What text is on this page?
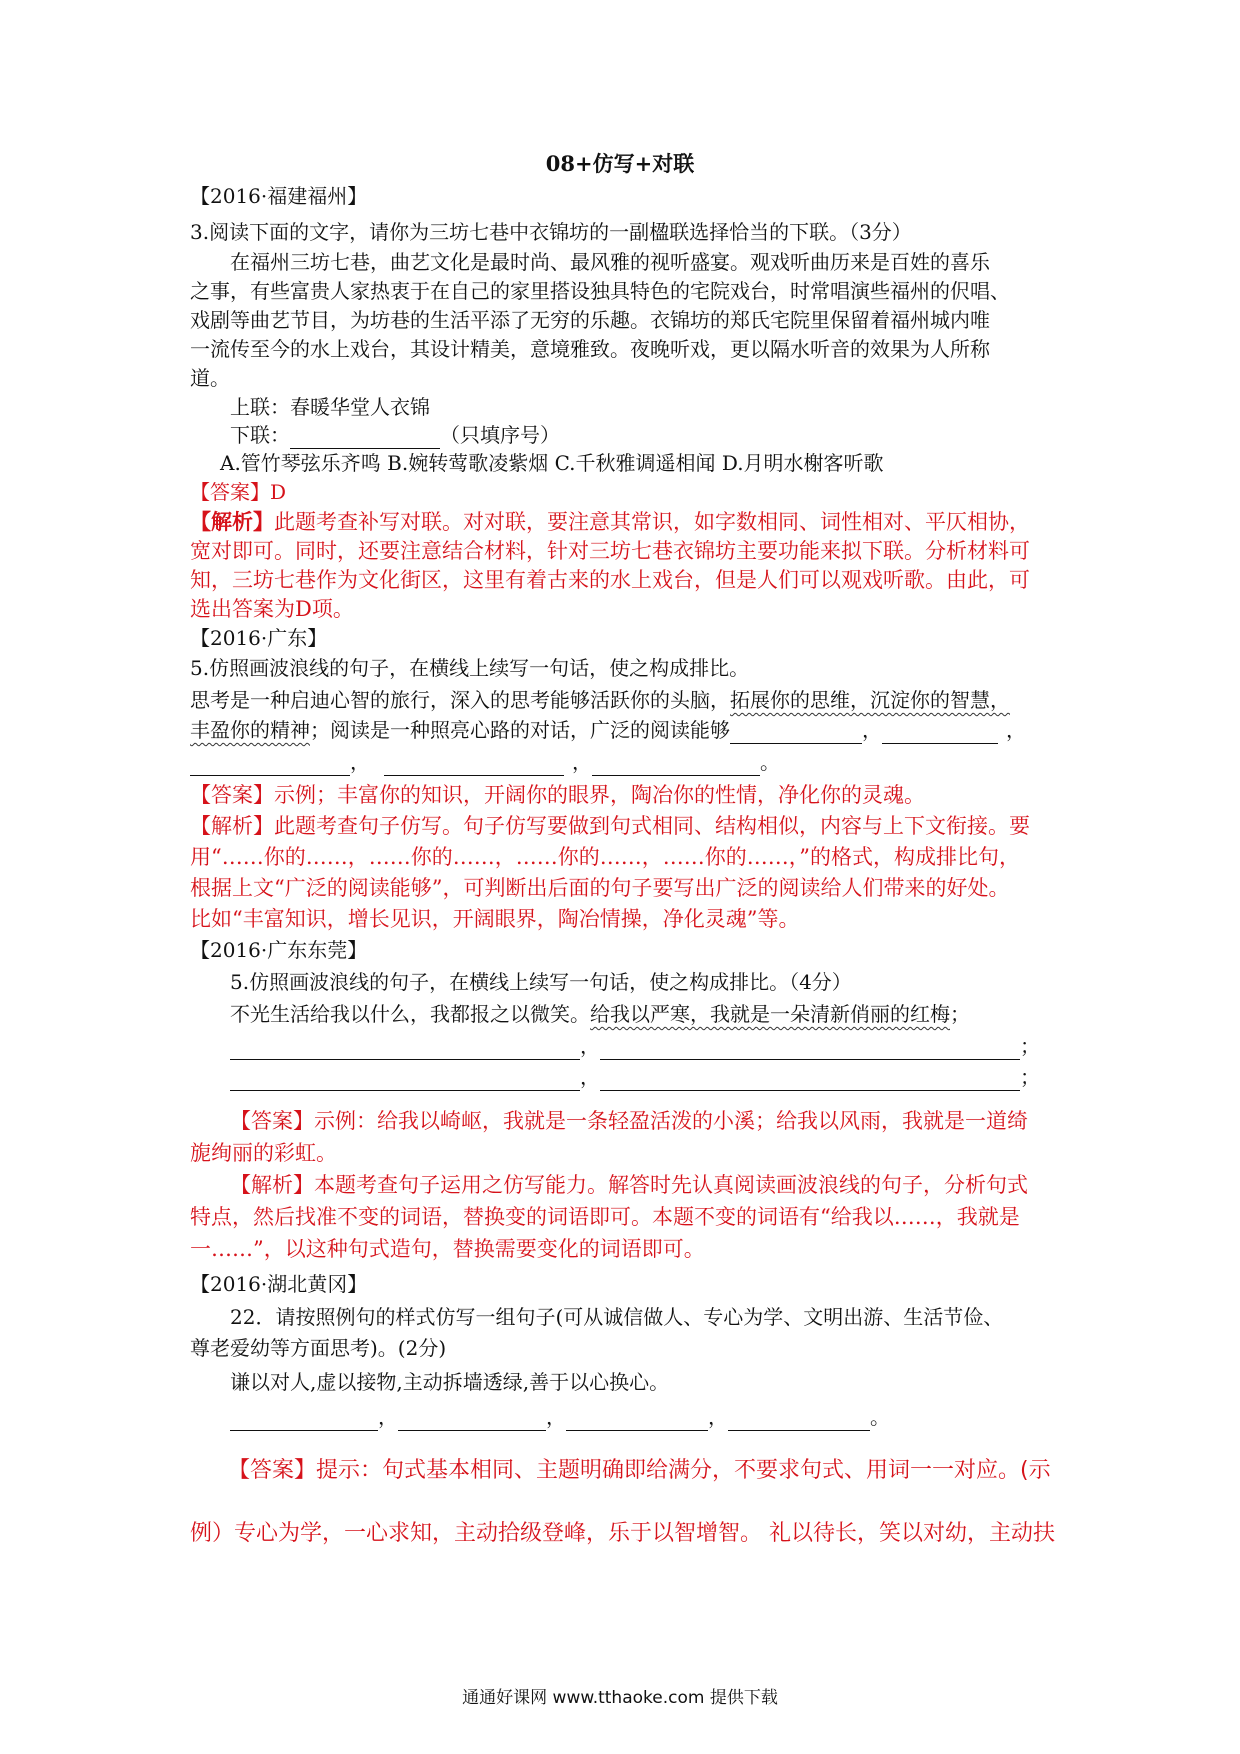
08+仿写+对联
【2016·福建福州】
3.阅读下面的文字，请你为三坊七巷中衣锦坊的一副楹联选择恰当的下联。（3分）
在福州三坊七巷，曲艺文化是最时尚、最风雅的视听盛宴。观戏听曲历来是百姓的喜乐
之事，有些富贵人家热衷于在自己的家里搭设独具特色的宅院戏台，时常唱演些福州的伬唱、
戏剧等曲艺节目，为坊巷的生活平添了无穷的乐趣。衣锦坊的郑氏宅院里保留着福州城内唯
一流传至今的水上戏台，其设计精美，意境雅致。夜晚听戏，更以隔水听音的效果为人所称
道。
上联：春暖华堂人衣锦
下联：	（只填序号）
A.管竹琴弦乐齐鸣 B.婉转莺歌凌紫烟 C.千秋雅调遥相闻 D.月明水榭客听歌
【答案】D
【解析】此题考查补写对联。对对联，要注意其常识，如字数相同、词性相对、平仄相协，
宽对即可。同时，还要注意结合材料，针对三坊七巷衣锦坊主要功能来拟下联。分析材料可
知，三坊七巷作为文化街区，这里有着古来的水上戏台，但是人们可以观戏听歌。由此，可
选出答案为D项。
【2016·广东】
5.仿照画波浪线的句子，在横线上续写一句话，使之构成排比。
思考是一种启迪心智的旅行，深入的思考能够活跃你的头脑，拓展你的思维，沉淀你的智慧，
丰盈你的精神；阅读是一种照亮心路的对话，广泛的阅读能够	，	，
，	，	。
【答案】示例；丰富你的知识，开阔你的眼界，陶冶你的性情，净化你的灵魂。
【解析】此题考查句子仿写。句子仿写要做到句式相同、结构相似，内容与上下文衔接。要
用“……你的……，……你的……，……你的……，……你的……，”的格式，构成排比句，
根据上文“广泛的阅读能够”，可判断出后面的句子要写出广泛的阅读给人们带来的好处。
比如“丰富知识，增长见识，开阔眼界，陶冶情操，净化灵魂”等。
【2016·广东东莞】
5.仿照画波浪线的句子，在横线上续写一句话，使之构成排比。（4分）
不光生活给我以什么，我都报之以微笑。给我以严寒，我就是一朵清新俏丽的红梅；
，	；
，	；
【答案】示例：给我以崎岖，我就是一条轻盈活泼的小溪；给我以风雨，我就是一道绮
旎绚丽的彩虹。
【解析】本题考查句子运用之仿写能力。解答时先认真阅读画波浪线的句子，分析句式
特点，然后找准不变的词语，替换变的词语即可。本题不变的词语有“给我以……，我就是
一……”，以这种句式造句，替换需要变化的词语即可。
【2016·湖北黄冈】
22．请按照例句的样式仿写一组句子(可从诚信做人、专心为学、文明出游、生活节俭、
尊老爱幼等方面思考)。(2分)
谦以对人,虚以接物,主动拆墙透绿,善于以心换心。
，	，	，	。
【答案】提示：句式基本相同、主题明确即给满分，不要求句式、用词一一对应。(示
例）专心为学，一心求知，主动拾级登峰，乐于以智增智。 礼以待长，笑以对幼，主动扶
通通好课网 www.tthaoke.com 提供下载
